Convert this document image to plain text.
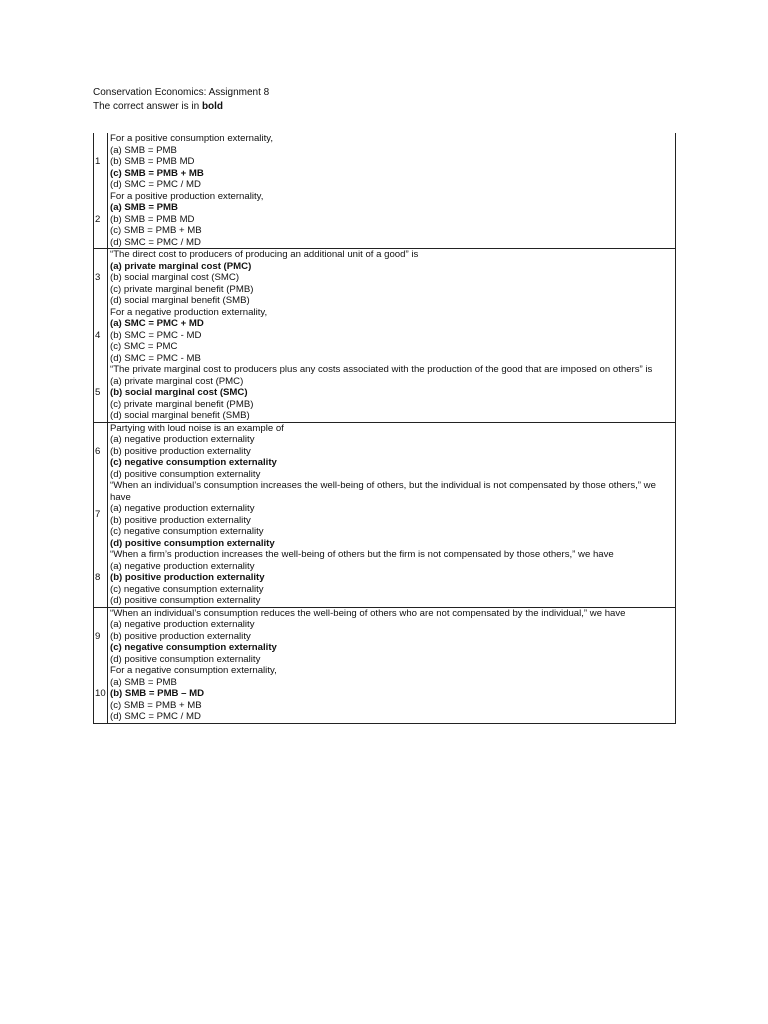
Conservation Economics: Assignment 8
The correct answer is in bold
1	For a positive consumption externality,
(a) SMB = PMB
(b) SMB = PMB MD
(c) SMB = PMB + MB
(d) SMC = PMC / MD

2	For a positive production externality,
(a) SMB = PMB
(b) SMB = PMB MD
(c) SMB = PMB + MB
(d) SMC = PMC / MD

3	“The direct cost to producers of producing an additional unit of a good” is
(a) private marginal cost (PMC)
(b) social marginal cost (SMC)
(c) private marginal benefit (PMB)
(d) social marginal benefit (SMB)

4	For a negative production externality,
(a) SMC = PMC + MD
(b) SMC = PMC - MD
(c) SMC = PMC
(d) SMC = PMC - MB

5	“The private marginal cost to producers plus any costs associated with the production of the good that are imposed on others” is
(a) private marginal cost (PMC)
(b) social marginal cost (SMC)
(c) private marginal benefit (PMB)
(d) social marginal benefit (SMB)

6	Partying with loud noise is an example of
(a) negative production externality
(b) positive production externality
(c) negative consumption externality
(d) positive consumption externality

7	“When an individual’s consumption increases the well-being of others, but the individual is not compensated by those others,” we have
(a) negative production externality
(b) positive production externality
(c) negative consumption externality
(d) positive consumption externality

8	“When a firm’s production increases the well-being of others but the firm is not compensated by those others,” we have
(a) negative production externality
(b) positive production externality
(c) negative consumption externality
(d) positive consumption externality

9	“When an individual’s consumption reduces the well-being of others who are not compensated by the individual,” we have
(a) negative production externality
(b) positive production externality
(c) negative consumption externality
(d) positive consumption externality

10	For a negative consumption externality,
(a) SMB = PMB
(b) SMB = PMB – MD
(c) SMB = PMB + MB
(d) SMC = PMC / MD
